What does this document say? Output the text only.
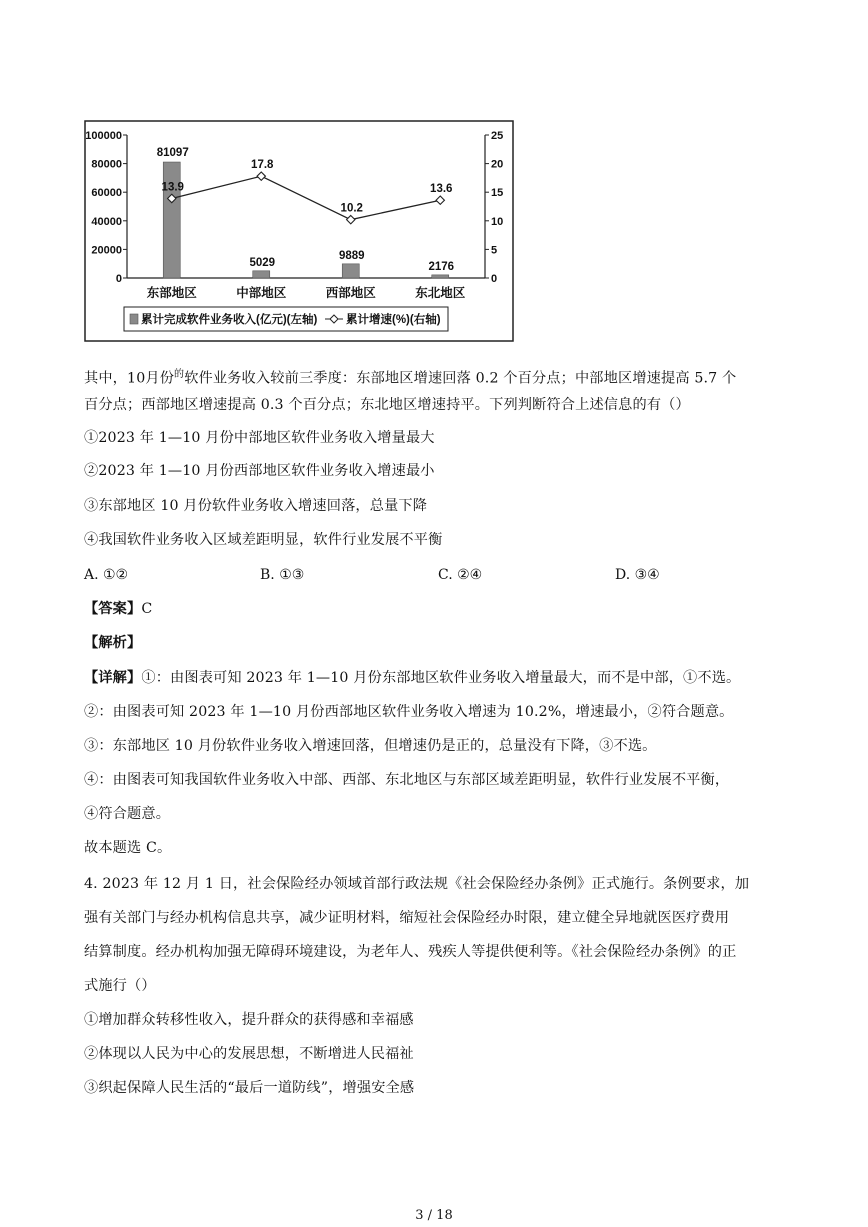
100000
80000
60000
40000
20000
0
25
20
15
10
5
0
81097
5029
9889
2176
13.9
17.8
10.2
13.6
东部地区	中部地区	西部地区	东北地区
累计完成软件业务收入(亿元)(左轴) 累计增速(%)(右轴)
其中，10月份$^的$软件业务收入较前三季度：东部地区增速回落 0.2 个百分点；中部地区增速提高 5.7 个
百分点；西部地区增速提高 0.3 个百分点；东北地区增速持平。下列判断符合上述信息的有（）
①2023 年 1—10 月份中部地区软件业务收入增量最大
②2023 年 1—10 月份西部地区软件业务收入增速最小
③东部地区 10 月份软件业务收入增速回落，总量下降
④我国软件业务收入区域差距明显，软件行业发展不平衡
A. ①②	B. ①③	C. ②④	D. ③④
【答案】C
【解析】
【详解】①：由图表可知 2023 年 1—10 月份东部地区软件业务收入增量最大，而不是中部，①不选。
②：由图表可知 2023 年 1—10 月份西部地区软件业务收入增速为 10.2%，增速最小，②符合题意。
③：东部地区 10 月份软件业务收入增速回落，但增速仍是正的，总量没有下降，③不选。
④：由图表可知我国软件业务收入中部、西部、东北地区与东部区域差距明显，软件行业发展不平衡，
④符合题意。
故本题选 C。
4. 2023 年 12 月 1 日，社会保险经办领域首部行政法规《社会保险经办条例》正式施行。条例要求，加
强有关部门与经办机构信息共享，减少证明材料，缩短社会保险经办时限，建立健全异地就医医疗费用
结算制度。经办机构加强无障碍环境建设，为老年人、残疾人等提供便利等。《社会保险经办条例》的正
式施行（）
①增加群众转移性收入，提升群众的获得感和幸福感
②体现以人民为中心的发展思想，不断增进人民福祉
③织起保障人民生活的“最后一道防线”，增强安全感
3 / 18
